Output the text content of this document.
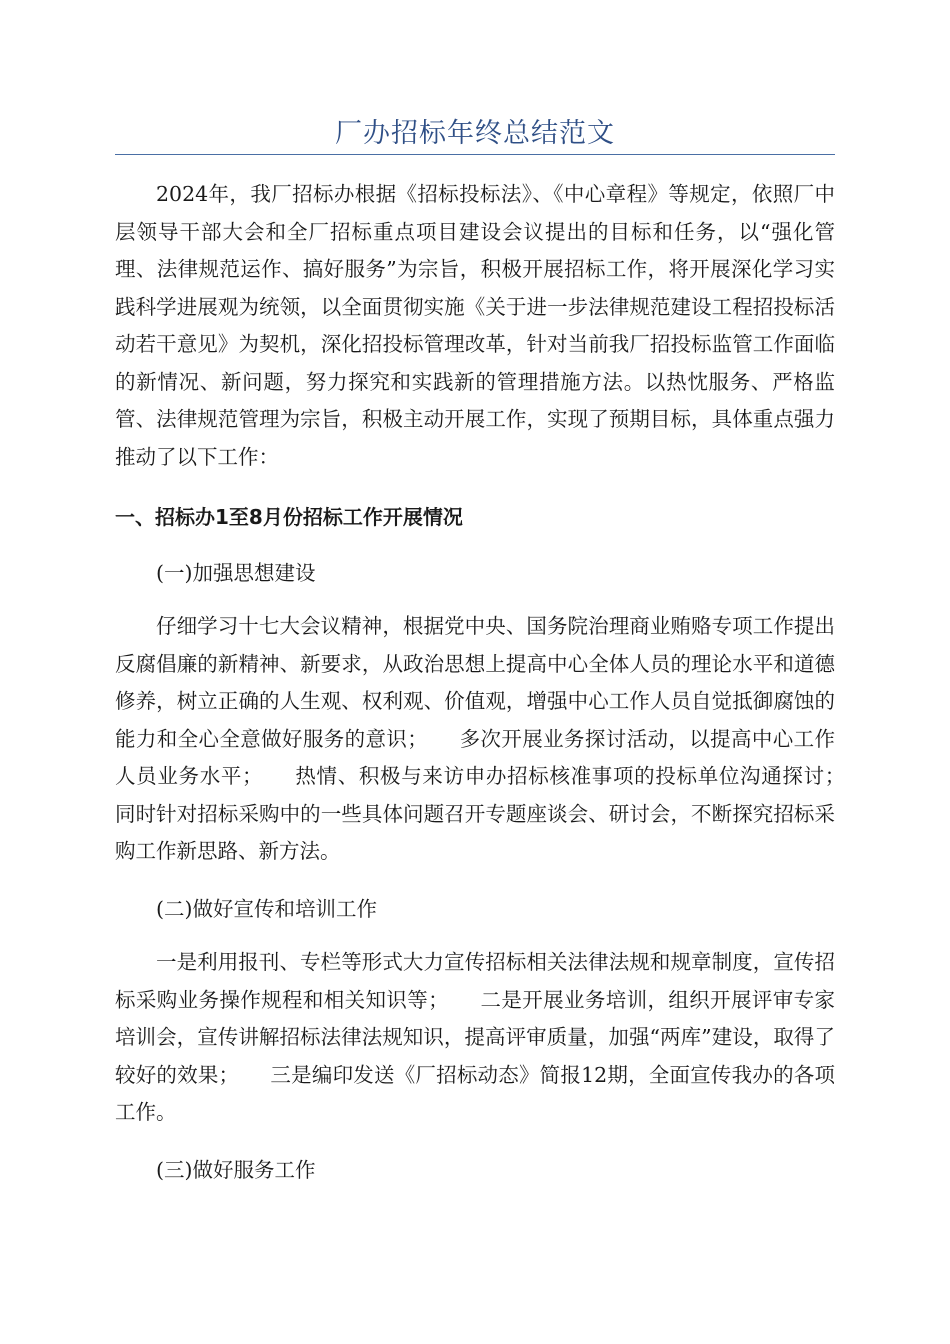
厂办招标年终总结范文

2024年，我厂招标办根据《招标投标法》、《中心章程》等规定，依照厂中层领导干部大会和全厂招标重点项目建设会议提出的目标和任务，以“强化管理、法律规范运作、搞好服务”为宗旨，积极开展招标工作，将开展深化学习实践科学进展观为统领，以全面贯彻实施《关于进一步法律规范建设工程招投标活动若干意见》为契机，深化招投标管理改革，针对当前我厂招投标监管工作面临的新情况、新问题，努力探究和实践新的管理措施方法。以热忱服务、严格监管、法律规范管理为宗旨，积极主动开展工作，实现了预期目标，具体重点强力推动了以下工作：

一、招标办1至8月份招标工作开展情况

(一)加强思想建设

仔细学习十七大会议精神，根据党中央、国务院治理商业贿赂专项工作提出反腐倡廉的新精神、新要求，从政治思想上提高中心全体人员的理论水平和道德修养，树立正确的人生观、权利观、价值观，增强中心工作人员自觉抵御腐蚀的能力和全心全意做好服务的意识；　　多次开展业务探讨活动，以提高中心工作人员业务水平；　　热情、积极与来访申办招标核准事项的投标单位沟通探讨；　　同时针对招标采购中的一些具体问题召开专题座谈会、研讨会，不断探究招标采购工作新思路、新方法。

(二)做好宣传和培训工作

一是利用报刊、专栏等形式大力宣传招标相关法律法规和规章制度，宣传招标采购业务操作规程和相关知识等；　　二是开展业务培训，组织开展评审专家培训会，宣传讲解招标法律法规知识，提高评审质量，加强“两库”建设，取得了较好的效果；　　三是编印发送《厂招标动态》简报12期，全面宣传我办的各项工作。

(三)做好服务工作
